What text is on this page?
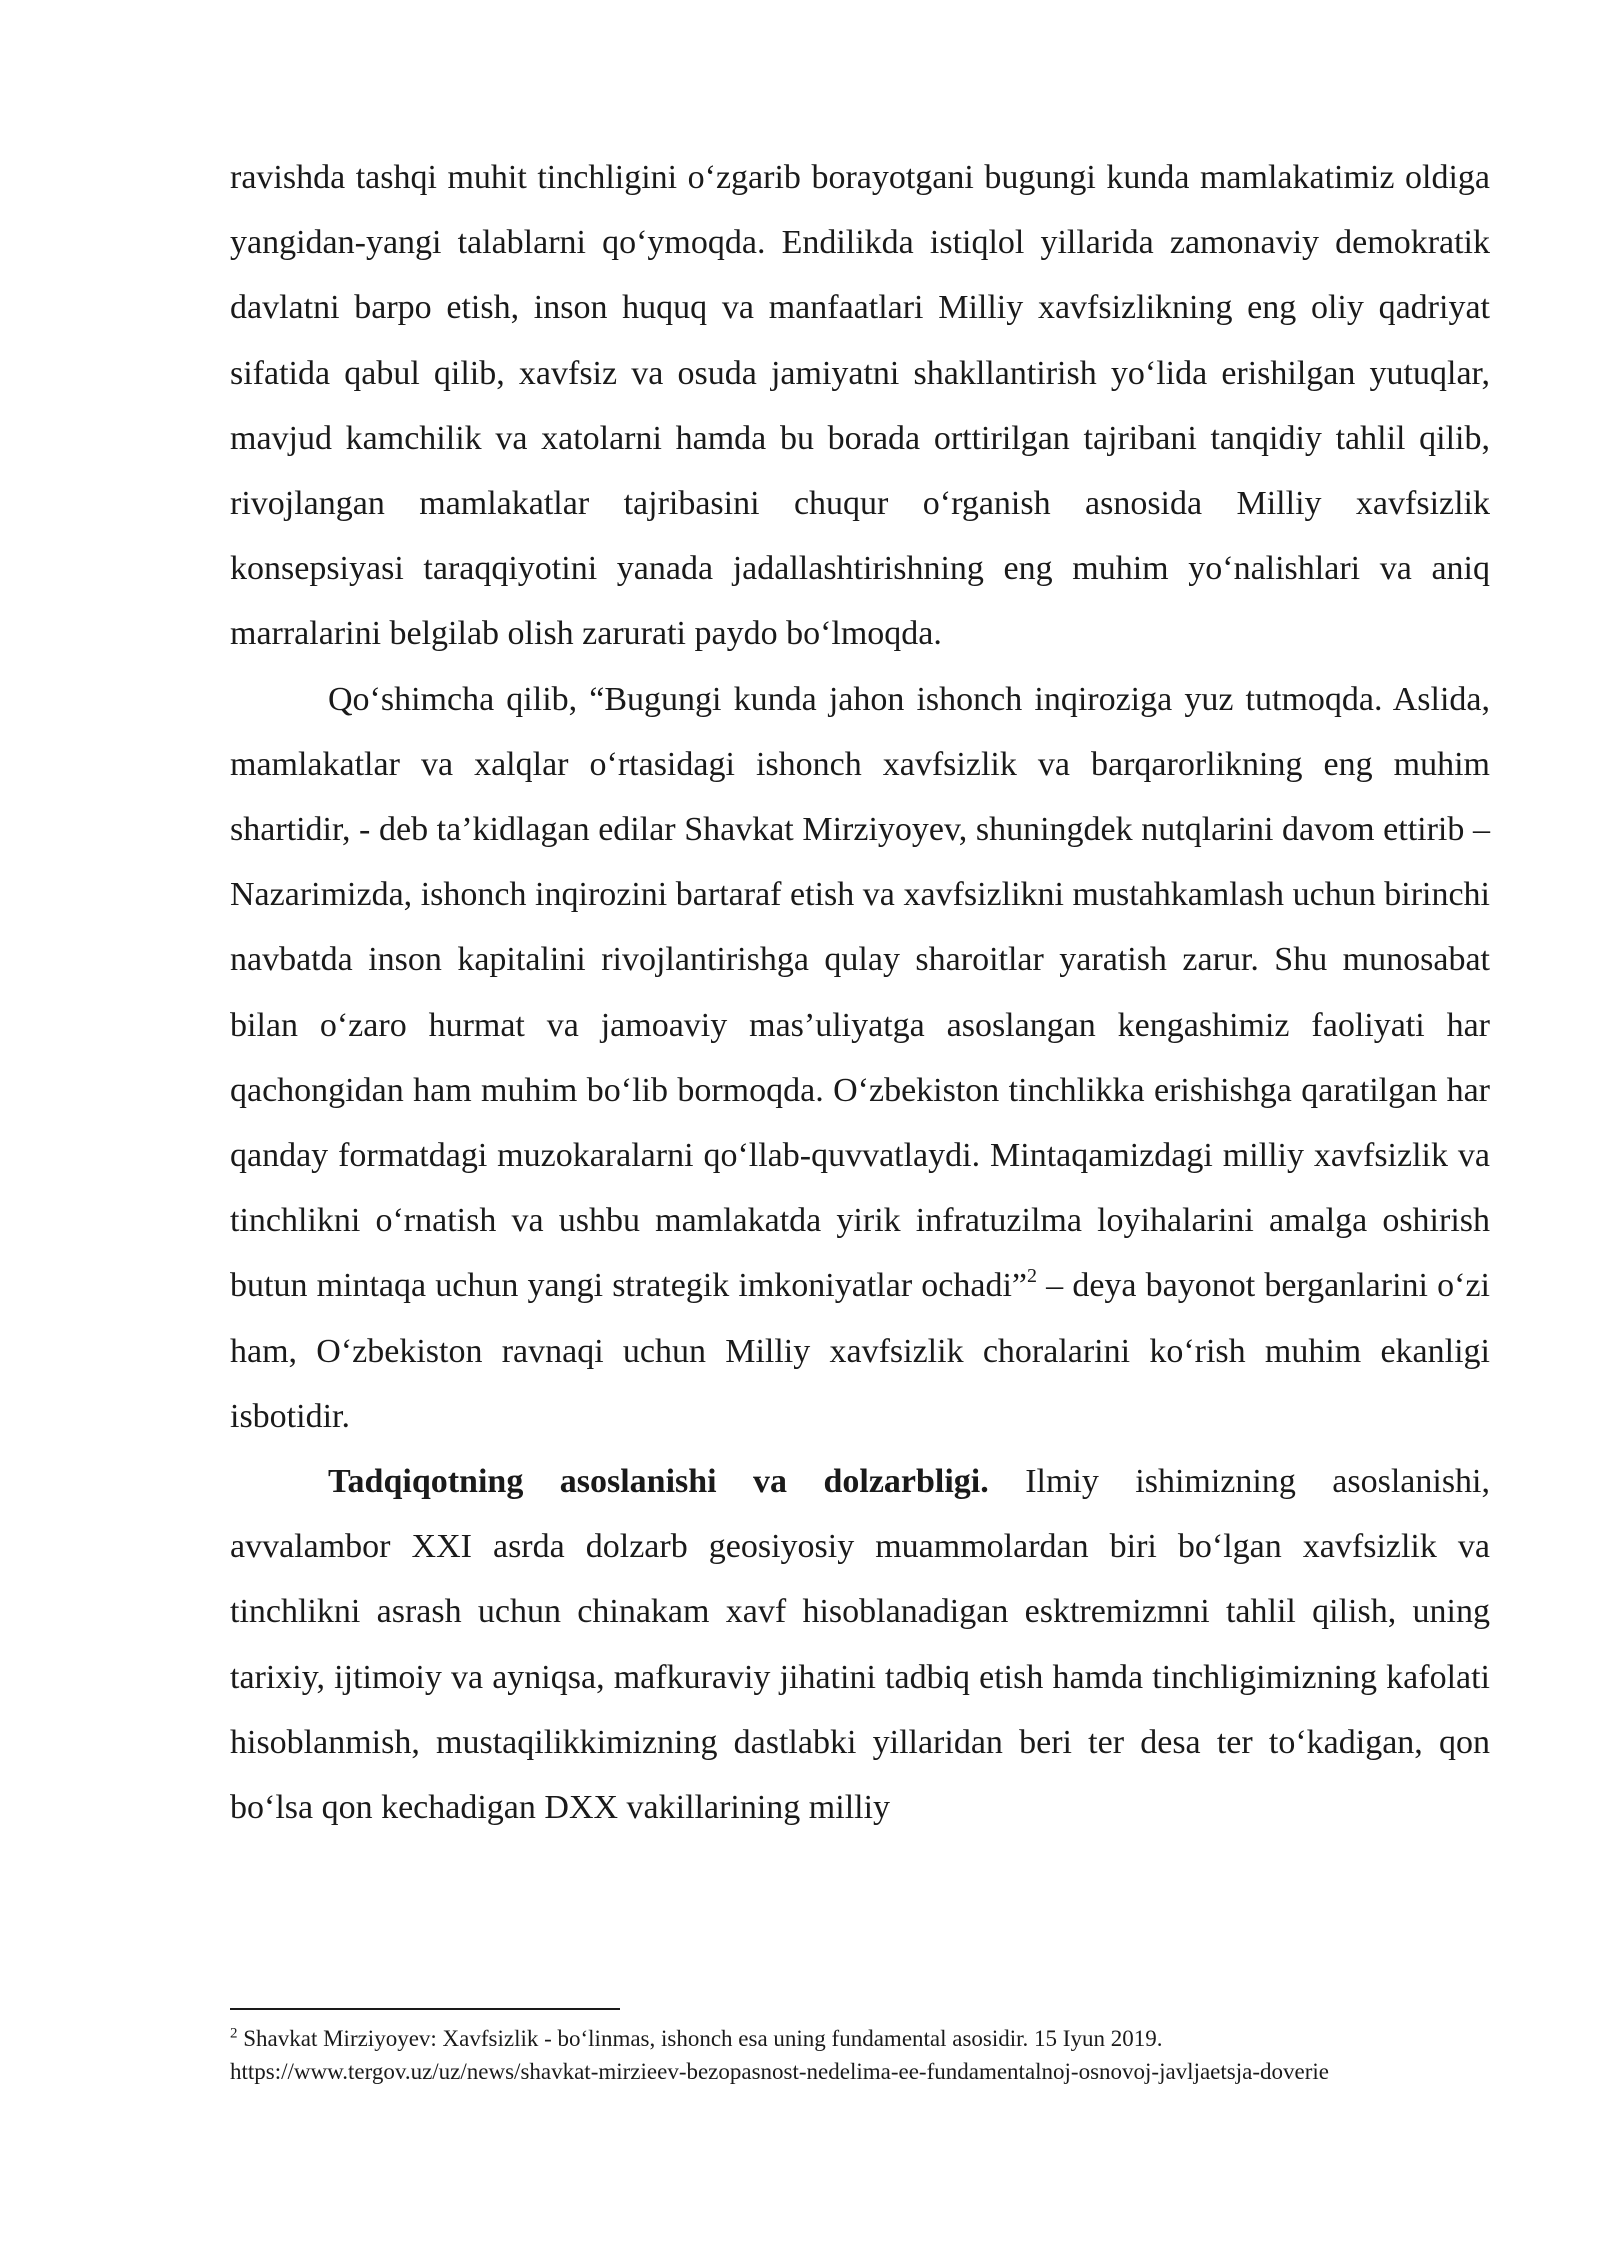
ravishda tashqi muhit tinchligini o‘zgarib borayotgani bugungi kunda mamlakatimiz oldiga yangidan-yangi talablarni qo‘ymoqda. Endilikda istiqlol yillarida zamonaviy demokratik davlatni barpo etish, inson huquq va manfaatlari Milliy xavfsizlikning eng oliy qadriyat sifatida qabul qilib, xavfsiz va osuda jamiyatni shakllantirish yo‘lida erishilgan yutuqlar, mavjud kamchilik va xatolarni hamda bu borada orttirilgan tajribani tanqidiy tahlil qilib, rivojlangan mamlakatlar tajribasini chuqur o‘rganish asnosida Milliy xavfsizlik konsepsiyasi taraqqiyotini yanada jadallashtirishning eng muhim yo‘nalishlari va aniq marralarini belgilab olish zarurati paydo bo‘lmoqda.

Qo‘shimcha qilib, “Bugungi kunda jahon ishonch inqiroziga yuz tutmoqda. Aslida, mamlakatlar va xalqlar o‘rtasidagi ishonch xavfsizlik va barqarorlikning eng muhim shartidir, - deb ta’kidlagan edilar Shavkat Mirziyoyev, shuningdek nutqlarini davom ettirib – Nazarimizda, ishonch inqirozini bartaraf etish va xavfsizlikni mustahkamlash uchun birinchi navbatda inson kapitalini rivojlantirishga qulay sharoitlar yaratish zarur. Shu munosabat bilan o‘zaro hurmat va jamoaviy mas’uliyatga asoslangan kengashimiz faoliyati har qachongidan ham muhim bo‘lib bormoqda. O‘zbekiston tinchlikka erishishga qaratilgan har qanday formatdagi muzokaralarni qo‘llab-quvvatlaydi. Mintaqamizdagi milliy xavfsizlik va tinchlikni o‘rnatish va ushbu mamlakatda yirik infratuzilma loyihalarini amalga oshirish butun mintaqa uchun yangi strategik imkoniyatlar ochadi”$^2$ – deya bayonot berganlarini o‘zi ham, O‘zbekiston ravnaqi uchun Milliy xavfsizlik choralarini ko‘rish muhim ekanligi isbotidir.

Tadqiqotning asoslanishi va dolzarbligi. Ilmiy ishimizning asoslanishi, avvalambor XXI asrda dolzarb geosiyosiy muammolardan biri bo‘lgan xavfsizlik va tinchlikni asrash uchun chinakam xavf hisoblanadigan esktremizmni tahlil qilish, uning tarixiy, ijtimoiy va ayniqsa, mafkuraviy jihatini tadbiq etish hamda tinchligimizning kafolati hisoblanmish, mustaqilikkimizning dastlabki yillaridan beri ter desa ter to‘kadigan, qon bo‘lsa qon kechadigan DXX vakillarining milliy

$^2$ Shavkat Mirziyoyev: Xavfsizlik - bo‘linmas, ishonch esa uning fundamental asosidir. 15 Iyun 2019.
https://www.tergov.uz/uz/news/shavkat-mirzieev-bezopasnost-nedelima-ee-fundamentalnoj-osnovoj-javljaetsja-doverie
